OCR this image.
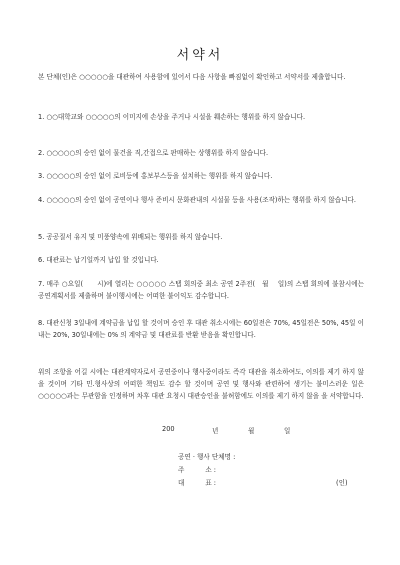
서약서
본 단체(인)은 ○○○○○을 대관하여 사용함에 있어서 다음 사항을 빠짐없이 확인하고 서약서를 제출합니다.
1. ○○대학교와 ○○○○○의 이미지에 손상을 주거나 시설을 훼손하는 행위를 하지 않습니다.
2. ○○○○○의 승인 없이 물건을 직,간접으로 판매하는 상행위를 하지 않습니다.
3. ○○○○○의 승인 없이 로비등에 홍보부스등을 설치하는 행위를 하지 않습니다.
4. ○○○○○의 승인 없이 공연이나 행사 준비시 문화관내의 시설물 등을 사용(조작)하는 행위를 하지 않습니다.
5. 공공질서 유지 및 미풍양속에 위배되는 행위를 하지 않습니다.
6. 대관료는 납기일까지 납입 할 것입니다.
7. 매주 ○요일(      시)에 열리는 ○○○○○ 스탭 회의중 최소 공연 2주전(   월    일)의 스탭 회의에 불참시에는 공연계획서를 제출하며 불이행시에는 어떠한 불이익도 감수합니다.
8. 대관신청 3일내에 계약금을 납입 할 것이며 승인 후 대관 취소시에는 60일전은 70%, 45일전은 50%, 45일 이내는 20%, 30일내에는 0% 의 계약금 및 대관료를 반환 받음을 확인합니다.
위의 조항을 어길 시에는 대관계약자로서 공연중이나 행사중이라도 즉각 대관을 취소하여도, 이의를 제기 하지 않을 것이며 기타 민.형사상의 어떠한 책임도 감수 할 것이며 공연 및 행사와 관련하여 생기는 불미스러운 일은 ○○○○○과는 무관함을 인정하며 차후 대관 요청시 대관승인을 불허함에도 이의를 제기 하지 않을 을 서약합니다.
200	년	월	일
공연 · 행사 단체명 :
주          소 :
대          표 :	(인)
